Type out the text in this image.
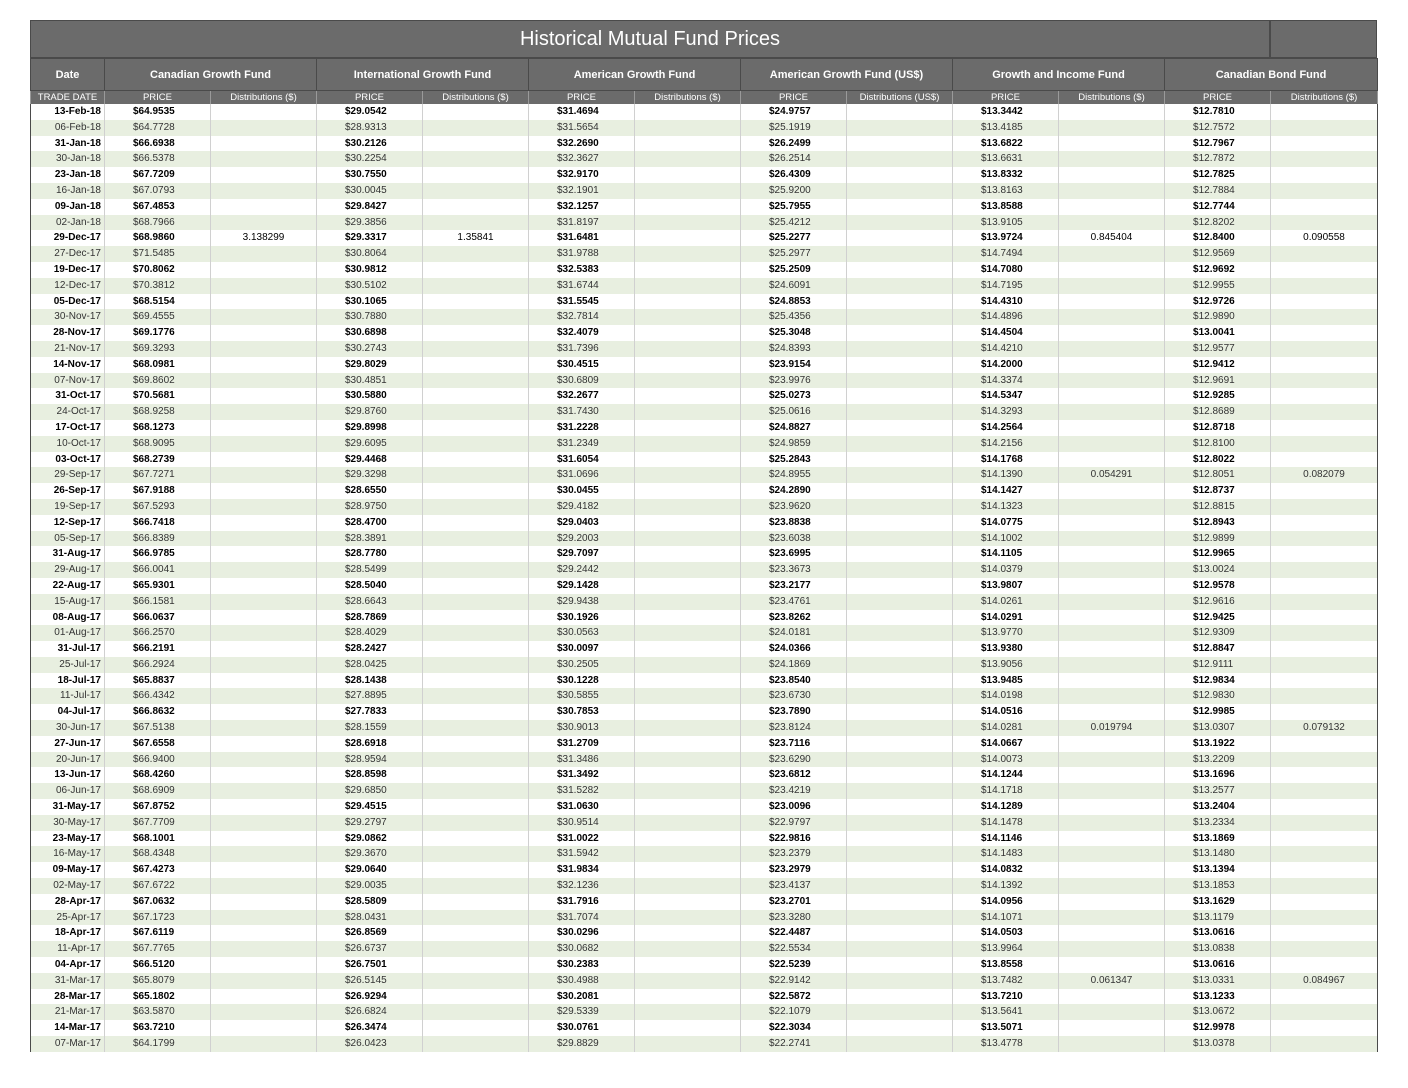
Historical Mutual Fund Prices
Date	Canadian Growth Fund		International Growth Fund		American Growth Fund		American Growth Fund (US$)		Growth and Income Fund		Canadian Bond Fund	
TRADE DATE	PRICE	Distributions ($)	PRICE	Distributions ($)	PRICE	Distributions ($)	PRICE	Distributions (US$)	PRICE	Distributions ($)	PRICE	Distributions ($)
13-Feb-18	$64.9535		$29.0542		$31.4694		$24.9757		$13.3442		$12.7810	
06-Feb-18	$64.7728		$28.9313		$31.5654		$25.1919		$13.4185		$12.7572	
31-Jan-18	$66.6938		$30.2126		$32.2690		$26.2499		$13.6822		$12.7967	
30-Jan-18	$66.5378		$30.2254		$32.3627		$26.2514		$13.6631		$12.7872	
23-Jan-18	$67.7209		$30.7550		$32.9170		$26.4309		$13.8332		$12.7825	
16-Jan-18	$67.0793		$30.0045		$32.1901		$25.9200		$13.8163		$12.7884	
09-Jan-18	$67.4853		$29.8427		$32.1257		$25.7955		$13.8588		$12.7744	
02-Jan-18	$68.7966		$29.3856		$31.8197		$25.4212		$13.9105		$12.8202	
29-Dec-17	$68.9860	3.138299	$29.3317	1.35841	$31.6481		$25.2277		$13.9724	0.845404	$12.8400	0.090558
27-Dec-17	$71.5485		$30.8064		$31.9788		$25.2977		$14.7494		$12.9569	
19-Dec-17	$70.8062		$30.9812		$32.5383		$25.2509		$14.7080		$12.9692	
12-Dec-17	$70.3812		$30.5102		$31.6744		$24.6091		$14.7195		$12.9955	
05-Dec-17	$68.5154		$30.1065		$31.5545		$24.8853		$14.4310		$12.9726	
30-Nov-17	$69.4555		$30.7880		$32.7814		$25.4356		$14.4896		$12.9890	
28-Nov-17	$69.1776		$30.6898		$32.4079		$25.3048		$14.4504		$13.0041	
21-Nov-17	$69.3293		$30.2743		$31.7396		$24.8393		$14.4210		$12.9577	
14-Nov-17	$68.0981		$29.8029		$30.4515		$23.9154		$14.2000		$12.9412	
07-Nov-17	$69.8602		$30.4851		$30.6809		$23.9976		$14.3374		$12.9691	
31-Oct-17	$70.5681		$30.5880		$32.2677		$25.0273		$14.5347		$12.9285	
24-Oct-17	$68.9258		$29.8760		$31.7430		$25.0616		$14.3293		$12.8689	
17-Oct-17	$68.1273		$29.8998		$31.2228		$24.8827		$14.2564		$12.8718	
10-Oct-17	$68.9095		$29.6095		$31.2349		$24.9859		$14.2156		$12.8100	
03-Oct-17	$68.2739		$29.4468		$31.6054		$25.2843		$14.1768		$12.8022	
29-Sep-17	$67.7271		$29.3298		$31.0696		$24.8955		$14.1390	0.054291	$12.8051	0.082079
26-Sep-17	$67.9188		$28.6550		$30.0455		$24.2890		$14.1427		$12.8737	
19-Sep-17	$67.5293		$28.9750		$29.4182		$23.9620		$14.1323		$12.8815	
12-Sep-17	$66.7418		$28.4700		$29.0403		$23.8838		$14.0775		$12.8943	
05-Sep-17	$66.8389		$28.3891		$29.2003		$23.6038		$14.1002		$12.9899	
31-Aug-17	$66.9785		$28.7780		$29.7097		$23.6995		$14.1105		$12.9965	
29-Aug-17	$66.0041		$28.5499		$29.2442		$23.3673		$14.0379		$13.0024	
22-Aug-17	$65.9301		$28.5040		$29.1428		$23.2177		$13.9807		$12.9578	
15-Aug-17	$66.1581		$28.6643		$29.9438		$23.4761		$14.0261		$12.9616	
08-Aug-17	$66.0637		$28.7869		$30.1926		$23.8262		$14.0291		$12.9425	
01-Aug-17	$66.2570		$28.4029		$30.0563		$24.0181		$13.9770		$12.9309	
31-Jul-17	$66.2191		$28.2427		$30.0097		$24.0366		$13.9380		$12.8847	
25-Jul-17	$66.2924		$28.0425		$30.2505		$24.1869		$13.9056		$12.9111	
18-Jul-17	$65.8837		$28.1438		$30.1228		$23.8540		$13.9485		$12.9834	
11-Jul-17	$66.4342		$27.8895		$30.5855		$23.6730		$14.0198		$12.9830	
04-Jul-17	$66.8632		$27.7833		$30.7853		$23.7890		$14.0516		$12.9985	
30-Jun-17	$67.5138		$28.1559		$30.9013		$23.8124		$14.0281	0.019794	$13.0307	0.079132
27-Jun-17	$67.6558		$28.6918		$31.2709		$23.7116		$14.0667		$13.1922	
20-Jun-17	$66.9400		$28.9594		$31.3486		$23.6290		$14.0073		$13.2209	
13-Jun-17	$68.4260		$28.8598		$31.3492		$23.6812		$14.1244		$13.1696	
06-Jun-17	$68.6909		$29.6850		$31.5282		$23.4219		$14.1718		$13.2577	
31-May-17	$67.8752		$29.4515		$31.0630		$23.0096		$14.1289		$13.2404	
30-May-17	$67.7709		$29.2797		$30.9514		$22.9797		$14.1478		$13.2334	
23-May-17	$68.1001		$29.0862		$31.0022		$22.9816		$14.1146		$13.1869	
16-May-17	$68.4348		$29.3670		$31.5942		$23.2379		$14.1483		$13.1480	
09-May-17	$67.4273		$29.0640		$31.9834		$23.2979		$14.0832		$13.1394	
02-May-17	$67.6722		$29.0035		$32.1236		$23.4137		$14.1392		$13.1853	
28-Apr-17	$67.0632		$28.5809		$31.7916		$23.2701		$14.0956		$13.1629	
25-Apr-17	$67.1723		$28.0431		$31.7074		$23.3280		$14.1071		$13.1179	
18-Apr-17	$67.6119		$26.8569		$30.0296		$22.4487		$14.0503		$13.0616	
11-Apr-17	$67.7765		$26.6737		$30.0682		$22.5534		$13.9964		$13.0838	
04-Apr-17	$66.5120		$26.7501		$30.2383		$22.5239		$13.8558		$13.0616	
31-Mar-17	$65.8079		$26.5145		$30.4988		$22.9142		$13.7482	0.061347	$13.0331	0.084967
28-Mar-17	$65.1802		$26.9294		$30.2081		$22.5872		$13.7210		$13.1233	
21-Mar-17	$63.5870		$26.6824		$29.5339		$22.1079		$13.5641		$13.0672	
14-Mar-17	$63.7210		$26.3474		$30.0761		$22.3034		$13.5071		$12.9978	
07-Mar-17	$64.1799		$26.0423		$29.8829		$22.2741		$13.4778		$13.0378	
